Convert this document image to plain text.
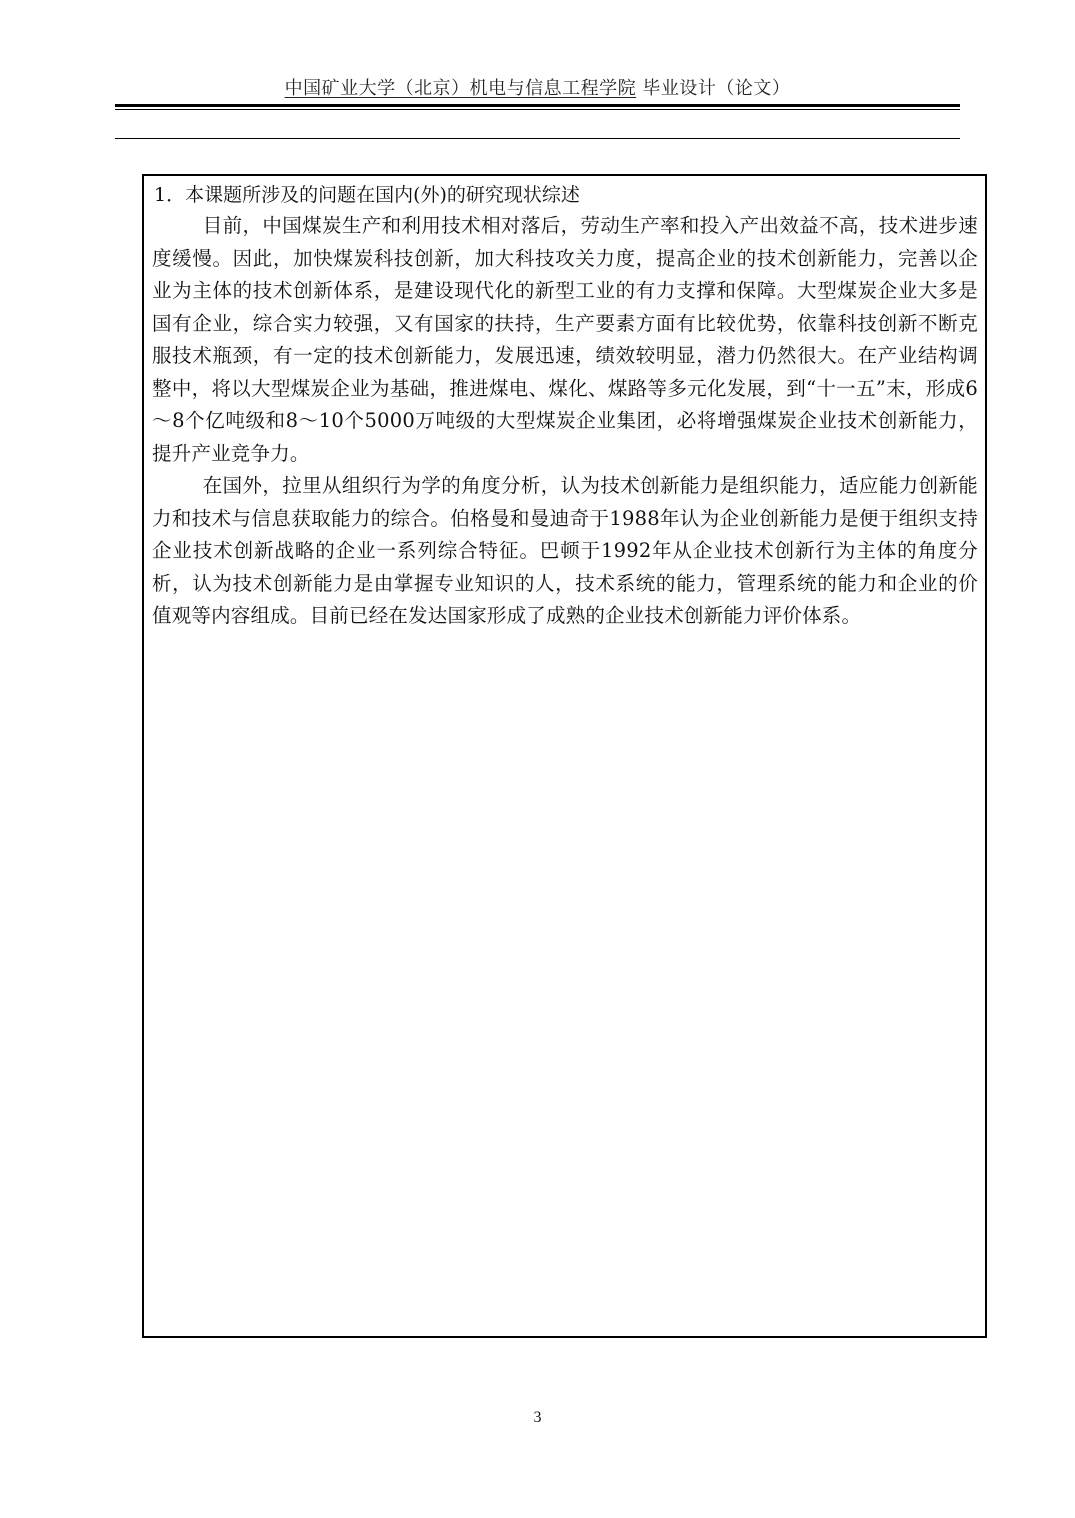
中国矿业大学（北京）机电与信息工程学院 毕业设计（论文）
1．本课题所涉及的问题在国内(外)的研究现状综述

目前，中国煤炭生产和利用技术相对落后，劳动生产率和投入产出效益不高，技术进步速度缓慢。因此，加快煤炭科技创新，加大科技攻关力度，提高企业的技术创新能力，完善以企业为主体的技术创新体系，是建设现代化的新型工业的有力支撑和保障。大型煤炭企业大多是国有企业，综合实力较强，又有国家的扶持，生产要素方面有比较优势，依靠科技创新不断克服技术瓶颈，有一定的技术创新能力，发展迅速，绩效较明显，潜力仍然很大。在产业结构调整中，将以大型煤炭企业为基础，推进煤电、煤化、煤路等多元化发展，到“十一五”末，形成6～8个亿吨级和8～10个5000万吨级的大型煤炭企业集团，必将增强煤炭企业技术创新能力，提升产业竞争力。

在国外，拉里从组织行为学的角度分析，认为技术创新能力是组织能力，适应能力创新能力和技术与信息获取能力的综合。伯格曼和曼迪奇于1988年认为企业创新能力是便于组织支持企业技术创新战略的企业一系列综合特征。巴顿于1992年从企业技术创新行为主体的角度分析，认为技术创新能力是由掌握专业知识的人，技术系统的能力，管理系统的能力和企业的价值观等内容组成。目前已经在发达国家形成了成熟的企业技术创新能力评价体系。

3
